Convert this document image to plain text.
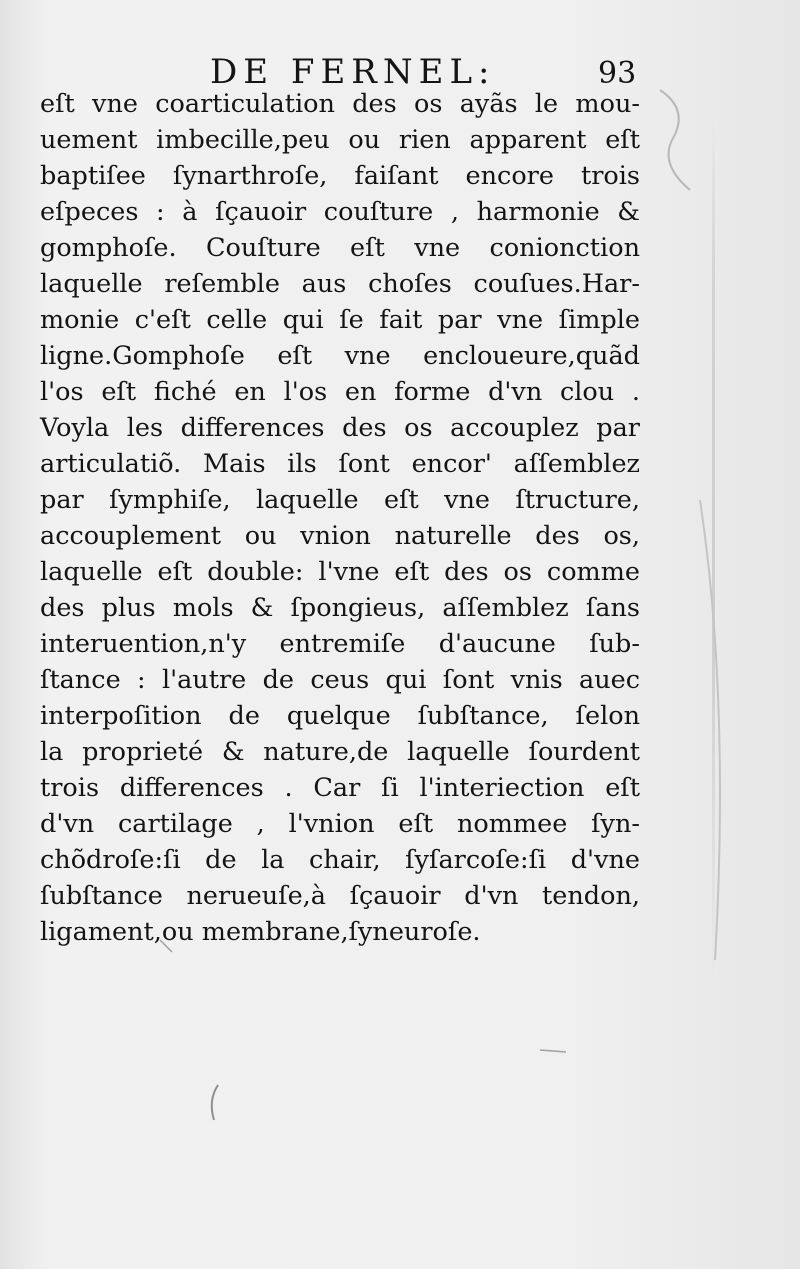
DE FERNEL:	93
eſt vne coarticulation des os ayãs le mou-
uement imbecille,peu ou rien apparent eſt
baptiſee ſynarthroſe, faiſant encore trois
eſpeces : à ſçauoir couſture , harmonie &
gomphoſe. Couſture eſt vne conionction
laquelle reſemble aus choſes couſues.Har-
monie c'eſt celle qui ſe fait par vne ſimple
ligne.Gomphoſe eſt vne encloueure,quãd
l'os eſt fiché en l'os en forme d'vn clou .
Voyla les differences des os accouplez par
articulatiõ. Mais ils ſont encor' aſſemblez
par ſymphiſe, laquelle eſt vne ſtructure,
accouplement ou vnion naturelle des os,
laquelle eſt double: l'vne eſt des os comme
des plus mols & ſpongieus, aſſemblez ſans
interuention,n'y entremiſe d'aucune ſub-
ſtance : l'autre de ceus qui ſont vnis auec
interpoſition de quelque ſubſtance, ſelon
la proprieté & nature,de laquelle ſourdent
trois differences . Car ſi l'interiection eſt
d'vn cartilage , l'vnion eſt nommee ſyn-
chõdroſe:ſi de la chair, ſyſarcoſe:ſi d'vne
ſubſtance nerueuſe,à ſçauoir d'vn tendon,
ligament,ou membrane,ſyneuroſe.
